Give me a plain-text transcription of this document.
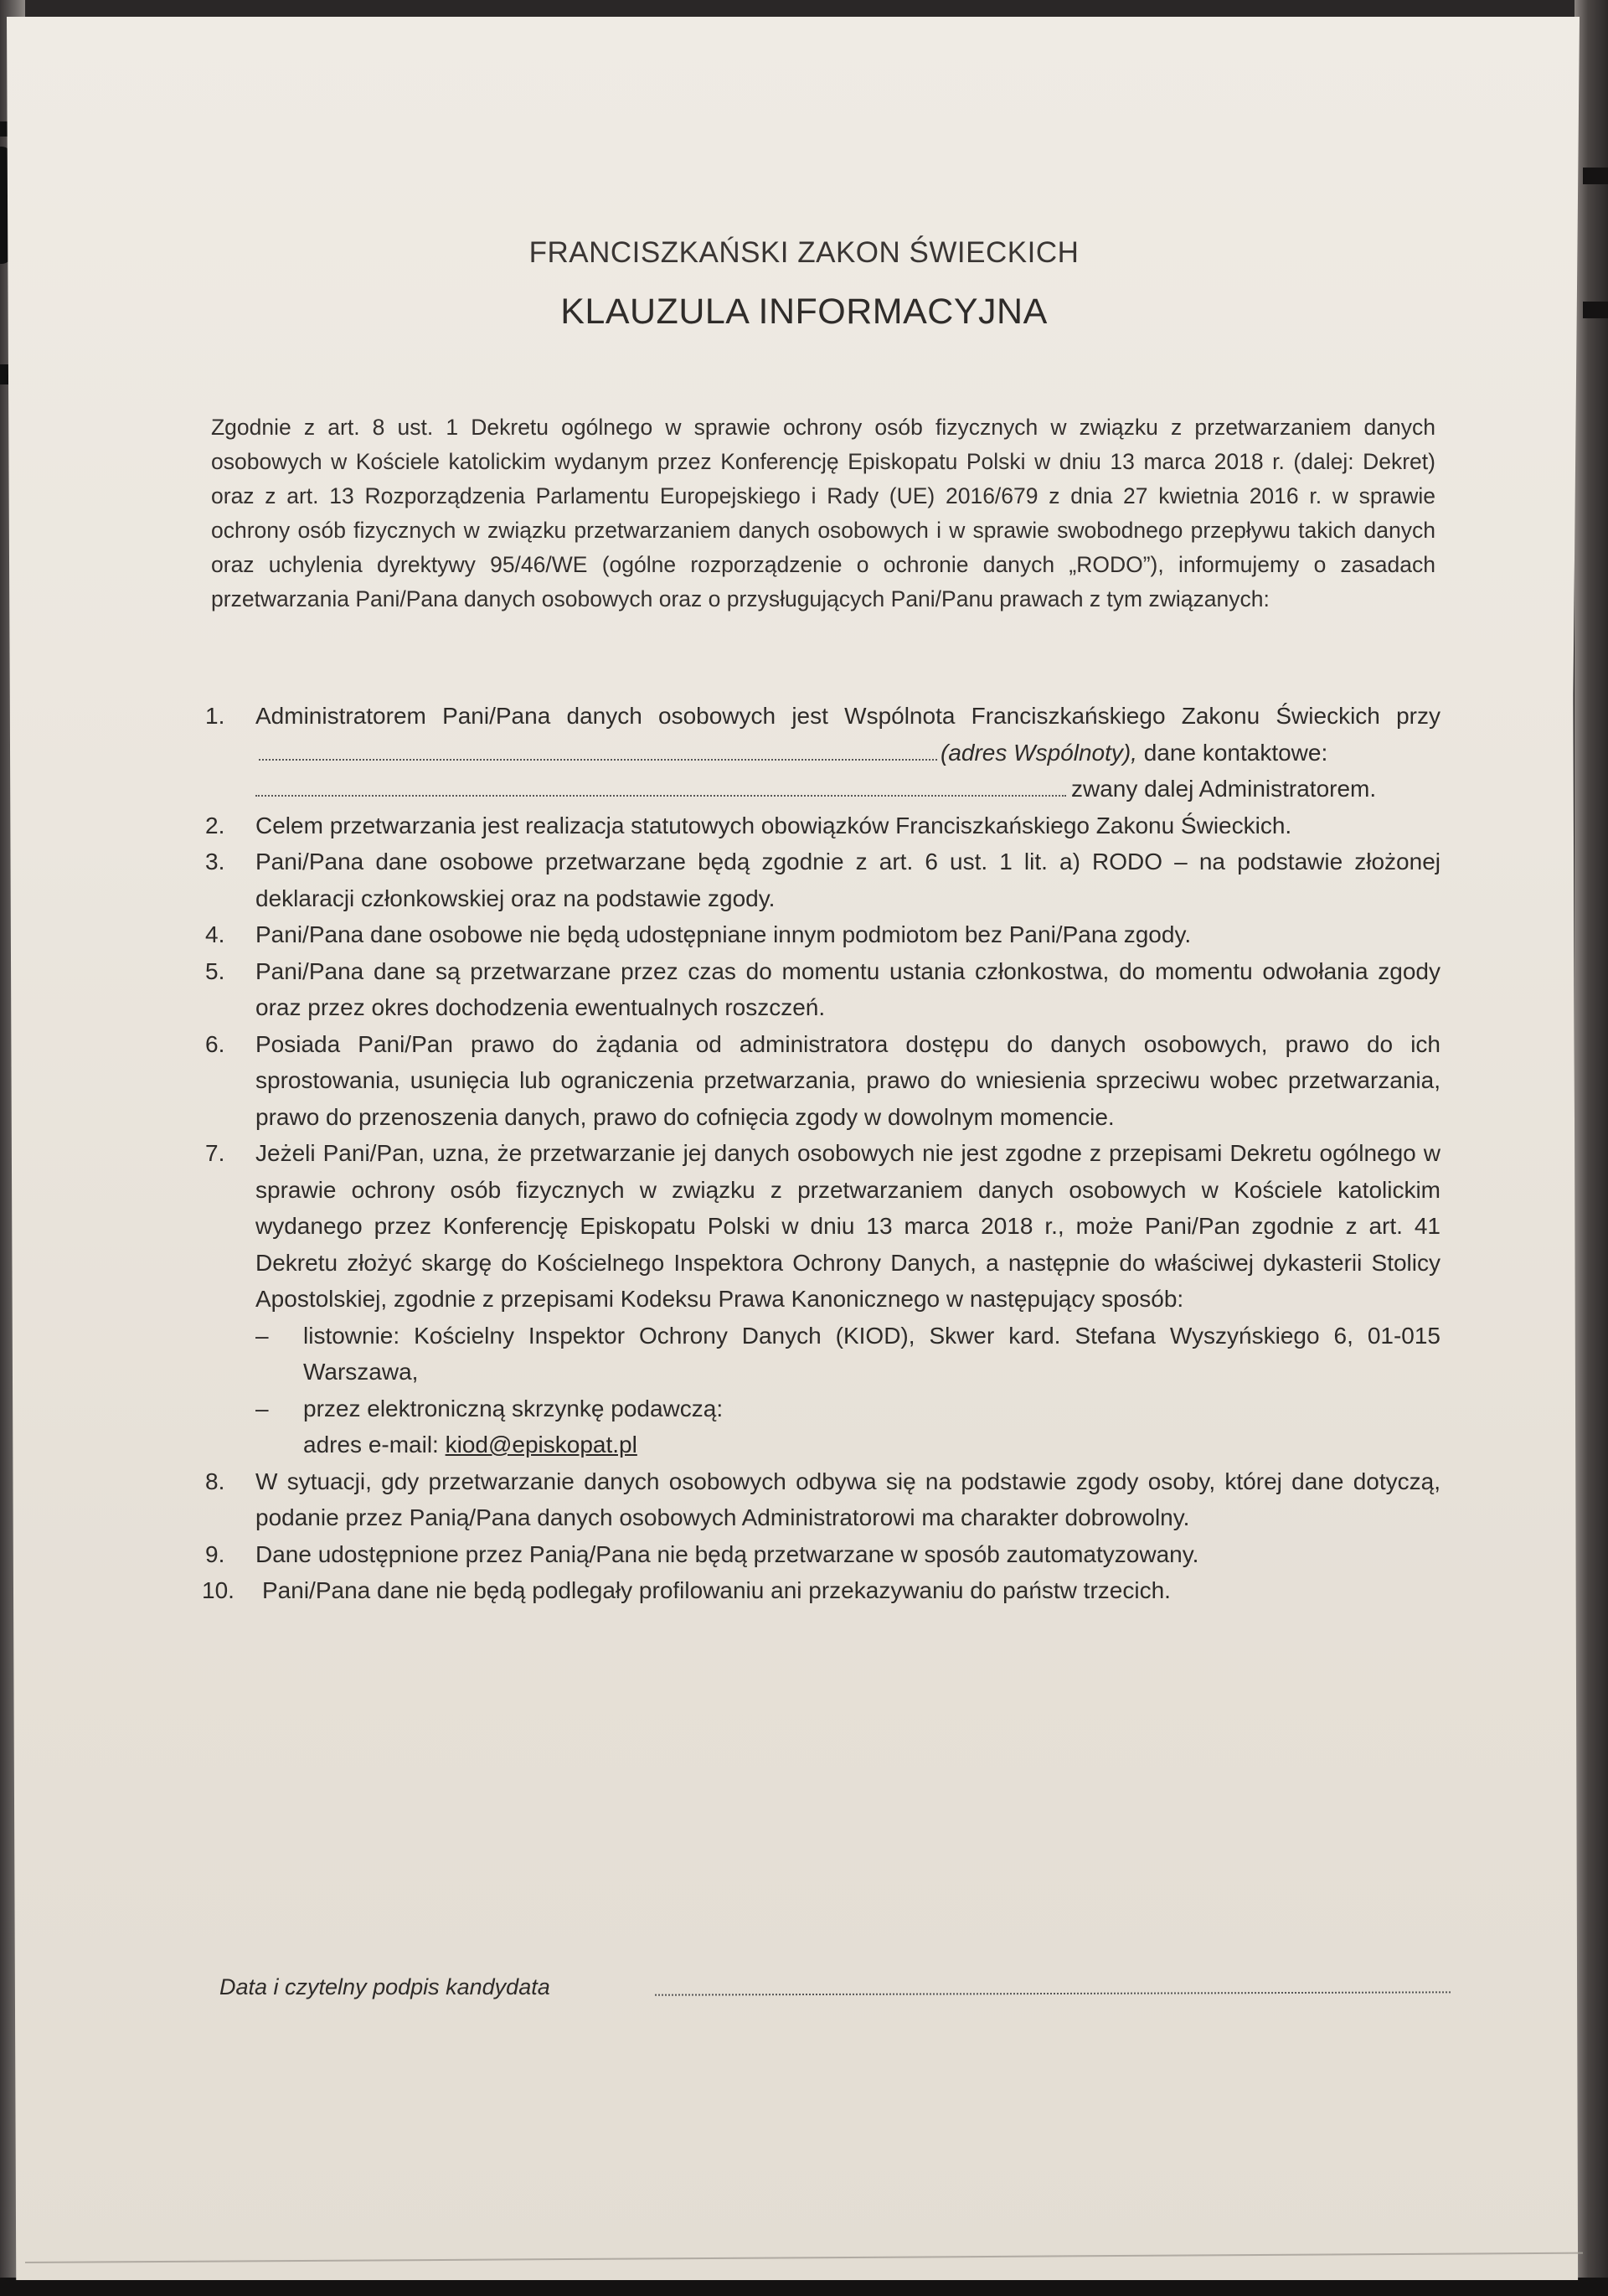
FRANCISZKAŃSKI ZAKON ŚWIECKICH
KLAUZULA INFORMACYJNA

Zgodnie z art. 8 ust. 1 Dekretu ogólnego w sprawie ochrony osób fizycznych w związku z przetwarzaniem danych osobowych w Kościele katolickim wydanym przez Konferencję Episkopatu Polski w dniu 13 marca 2018 r. (dalej: Dekret) oraz z art. 13 Rozporządzenia Parlamentu Europejskiego i Rady (UE) 2016/679 z dnia 27 kwietnia 2016 r. w sprawie ochrony osób fizycznych w związku przetwarzaniem danych osobowych i w sprawie swobodnego przepływu takich danych oraz uchylenia dyrektywy 95/46/WE (ogólne rozporządzenie o ochronie danych „RODO”), informujemy o zasadach przetwarzania Pani/Pana danych osobowych oraz o przysługujących Pani/Panu prawach z tym związanych:

1. Administratorem Pani/Pana danych osobowych jest Wspólnota Franciszkańskiego Zakonu Świeckich przy(adres Wspólnoty), dane kontaktowe:
zwany dalej Administratorem.
2. Celem przetwarzania jest realizacja statutowych obowiązków Franciszkańskiego Zakonu Świeckich.
3. Pani/Pana dane osobowe przetwarzane będą zgodnie z art. 6 ust. 1 lit. a) RODO – na podstawie złożonej deklaracji członkowskiej oraz na podstawie zgody.
4. Pani/Pana dane osobowe nie będą udostępniane innym podmiotom bez Pani/Pana zgody.
5. Pani/Pana dane są przetwarzane przez czas do momentu ustania członkostwa, do momentu odwołania zgody oraz przez okres dochodzenia ewentualnych roszczeń.
6. Posiada Pani/Pan prawo do żądania od administratora dostępu do danych osobowych, prawo do ich sprostowania, usunięcia lub ograniczenia przetwarzania, prawo do wniesienia sprzeciwu wobec przetwarzania, prawo do przenoszenia danych, prawo do cofnięcia zgody w dowolnym momencie.
7. Jeżeli Pani/Pan, uzna, że przetwarzanie jej danych osobowych nie jest zgodne z przepisami Dekretu ogólnego w sprawie ochrony osób fizycznych w związku z przetwarzaniem danych osobowych w Kościele katolickim wydanego przez Konferencję Episkopatu Polski w dniu 13 marca 2018 r., może Pani/Pan zgodnie z art. 41 Dekretu złożyć skargę do Kościelnego Inspektora Ochrony Danych, a następnie do właściwej dykasterii Stolicy Apostolskiej, zgodnie z przepisami Kodeksu Prawa Kanonicznego w następujący sposób:
– listownie: Kościelny Inspektor Ochrony Danych (KIOD), Skwer kard. Stefana Wyszyńskiego 6, 01-015 Warszawa,
– przez elektroniczną skrzynkę podawczą:
adres e-mail: kiod@episkopat.pl
8. W sytuacji, gdy przetwarzanie danych osobowych odbywa się na podstawie zgody osoby, której dane dotyczą, podanie przez Panią/Pana danych osobowych Administratorowi ma charakter dobrowolny.
9. Dane udostępnione przez Panią/Pana nie będą przetwarzane w sposób zautomatyzowany.
10. Pani/Pana dane nie będą podlegały profilowaniu ani przekazywaniu do państw trzecich.
Data i czytelny podpis kandydata
